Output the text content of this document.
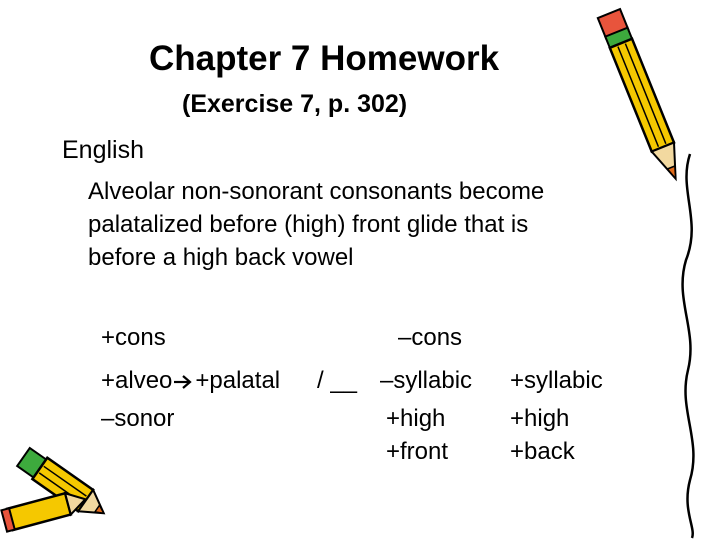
Chapter 7 Homework
(Exercise 7, p. 302)
English
Alveolar non-sonorant consonants become
palatalized before (high) front glide that is
before a high back vowel
+cons
+alveo +palatal / __
–sonor
–cons
–syllabic
+high
+front
+syllabic
+high
+back
